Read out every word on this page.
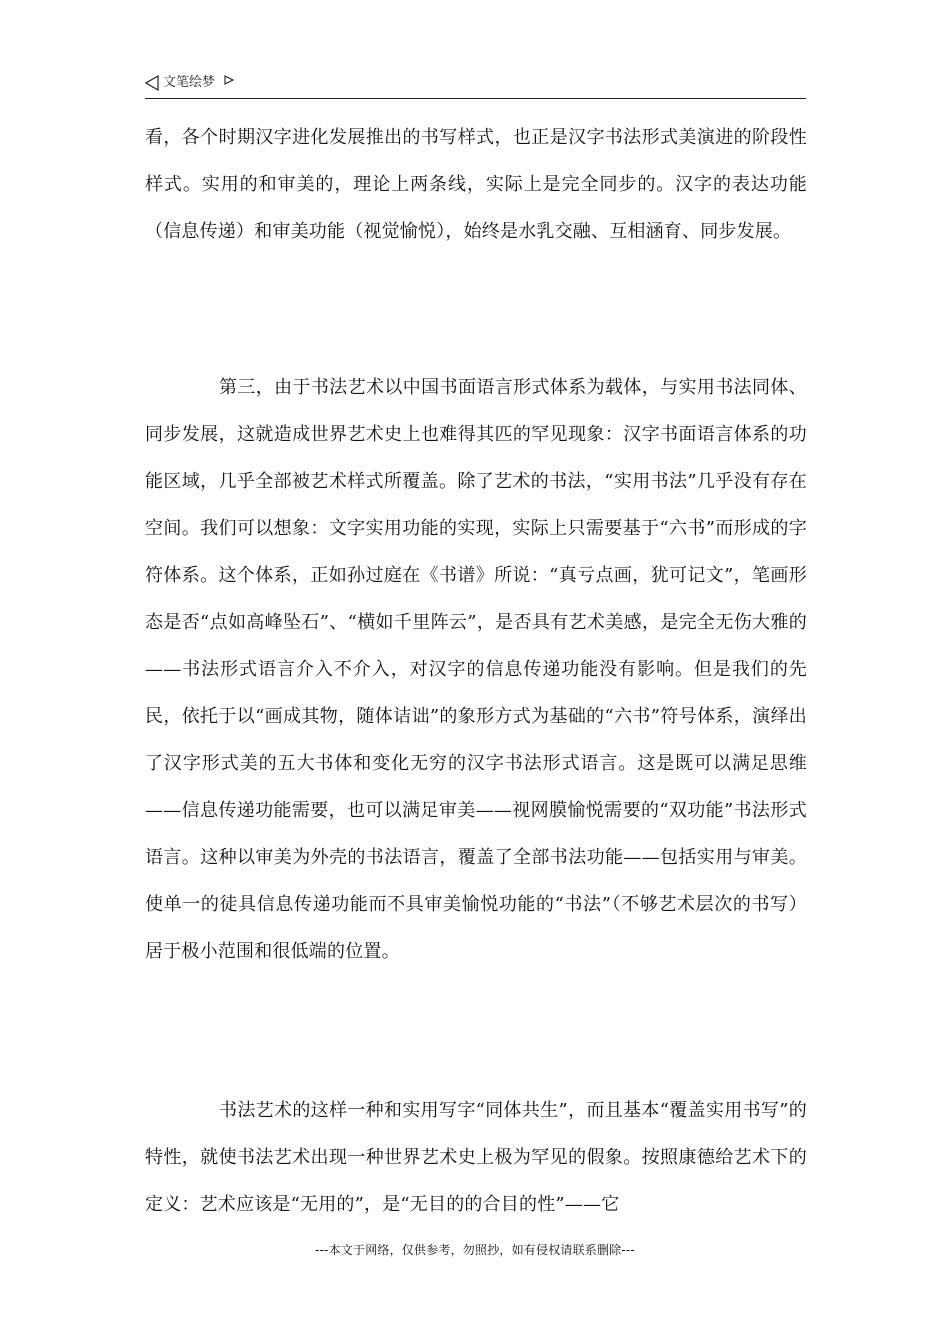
文笔绘梦

看，各个时期汉字进化发展推出的书写样式，也正是汉字书法形式美演进的阶段性样式。实用的和审美的，理论上两条线，实际上是完全同步的。汉字的表达功能（信息传递）和审美功能（视觉愉悦），始终是水乳交融、互相涵育、同步发展。

第三，由于书法艺术以中国书面语言形式体系为载体，与实用书法同体、同步发展，这就造成世界艺术史上也难得其匹的罕见现象：汉字书面语言体系的功能区域，几乎全部被艺术样式所覆盖。除了艺术的书法，“实用书法”几乎没有存在空间。我们可以想象：文字实用功能的实现，实际上只需要基于“六书”而形成的字符体系。这个体系，正如孙过庭在《书谱》所说：“真亏点画，犹可记文”，笔画形态是否“点如高峰坠石”、“横如千里阵云”，是否具有艺术美感，是完全无伤大雅的——书法形式语言介入不介入，对汉字的信息传递功能没有影响。但是我们的先民，依托于以“画成其物，随体诘诎”的象形方式为基础的“六书”符号体系，演绎出了汉字形式美的五大书体和变化无穷的汉字书法形式语言。这是既可以满足思维——信息传递功能需要，也可以满足审美——视网膜愉悦需要的“双功能”书法形式语言。这种以审美为外壳的书法语言，覆盖了全部书法功能——包括实用与审美。使单一的徒具信息传递功能而不具审美愉悦功能的“书法”（不够艺术层次的书写）居于极小范围和很低端的位置。

书法艺术的这样一种和实用写字“同体共生”，而且基本“覆盖实用书写”的特性，就使书法艺术出现一种世界艺术史上极为罕见的假象。按照康德给艺术下的定义：艺术应该是“无用的”，是“无目的的合目的性”——它

---本文于网络，仅供参考，勿照抄，如有侵权请联系删除---
